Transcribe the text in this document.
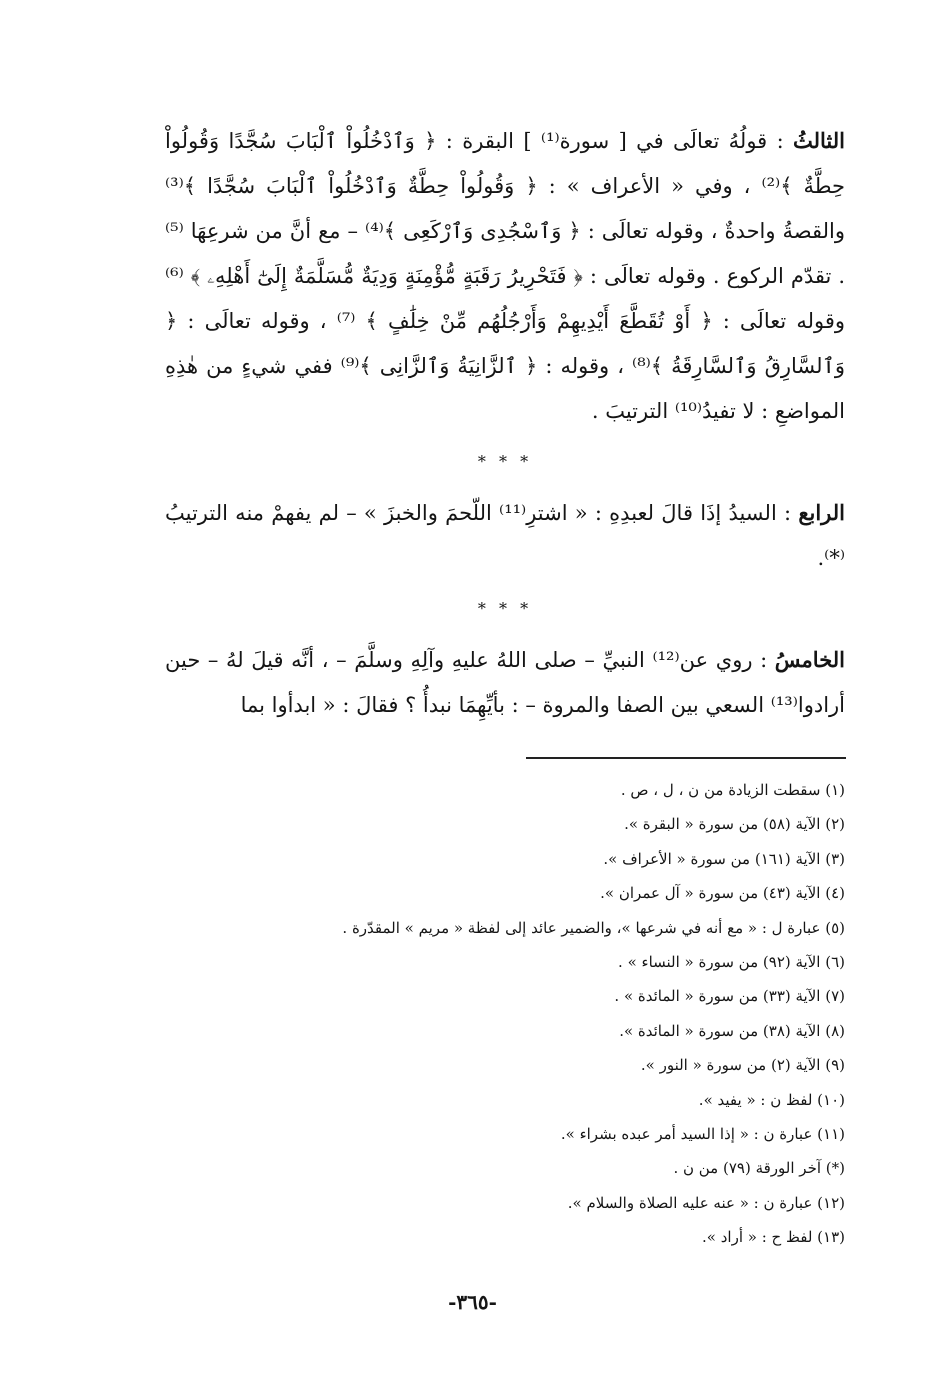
الثالثُ : قولُهُ تعالَى في [ سورة⁽¹⁾ ] البقرة : ﴿ وَٱدْخُلُواْ ٱلْبَابَ سُجَّدًا وَقُولُواْ حِطَّةٌ ﴾⁽²⁾ ، وفي « الأعراف » : ﴿ وَقُولُواْ حِطَّةٌ وَٱدْخُلُواْ ٱلْبَابَ سُجَّدًا ﴾⁽³⁾ والقصةُ واحدةٌ ، وقوله تعالَى : ﴿ وَٱسْجُدِى وَٱرْكَعِى ﴾⁽⁴⁾ – مع أنَّ من شرعِهَا ⁽⁵⁾ . تقدّم الركوع . وقوله تعالَى : ﴿ فَتَحْرِيرُ رَقَبَةٍ مُّؤْمِنَةٍ وَدِيَةٌ مُّسَلَّمَةٌ إِلَىٰٓ أَهْلِهِۦ ﴾ ⁽⁶⁾ وقوله تعالَى : ﴿ أَوْ تُقَطَّعَ أَيْدِيهِمْ وَأَرْجُلُهُم مِّنْ خِلَٰفٍ ﴾ ⁽⁷⁾ ، وقوله تعالَى : ﴿ وَٱلسَّارِقُ وَٱلسَّارِقَةُ ﴾⁽⁸⁾ ، وقوله : ﴿ ٱلزَّانِيَةُ وَٱلزَّانِى ﴾⁽⁹⁾ ففي شيءٍ من هٰذِهِ المواضعِ : لا تفيدُ⁽¹⁰⁾ الترتيبَ .

* * *

الرابع : السيدُ إذَا قالَ لعبدِهِ : « اشترِ⁽¹¹⁾ اللّحمَ والخبزَ » – لم يفهمْ منه الترتيبُ ⁽*⁾.

* * *

الخامسُ : روي عن⁽¹²⁾ النبيِّ – صلى اللهُ عليهِ وآلِهِ وسلَّمَ – ، أنَّه قيلَ لهُ – حين أرادوا⁽¹³⁾ السعي بين الصفا والمروة – : بأيِّهِمَا نبدأُ ؟ فقالَ : « ابدأوا بما

(١) سقطت الزيادة من ن ، ل ، ص .
(٢) الآية (٥٨) من سورة « البقرة ».
(٣) الآية (١٦١) من سورة « الأعراف ».
(٤) الآية (٤٣) من سورة « آل عمران ».
(٥) عبارة ل : « مع أنه في شرعها »، والضمير عائد إلى لفظة « مريم » المقدّرة .
(٦) الآية (٩٢) من سورة « النساء » .
(٧) الآية (٣٣) من سورة « المائدة » .
(٨) الآية (٣٨) من سورة « المائدة ».
(٩) الآية (٢) من سورة « النور ».
(١٠) لفظ ن : « يفيد ».
(١١) عبارة ن : « إذا السيد أمر عبده بشراء ».
(*) آخر الورقة (٧٩) من ن .
(١٢) عبارة ن : « عنه عليه الصلاة والسلام ».
(١٣) لفظ ح : « أراد ».
-٣٦٥-
